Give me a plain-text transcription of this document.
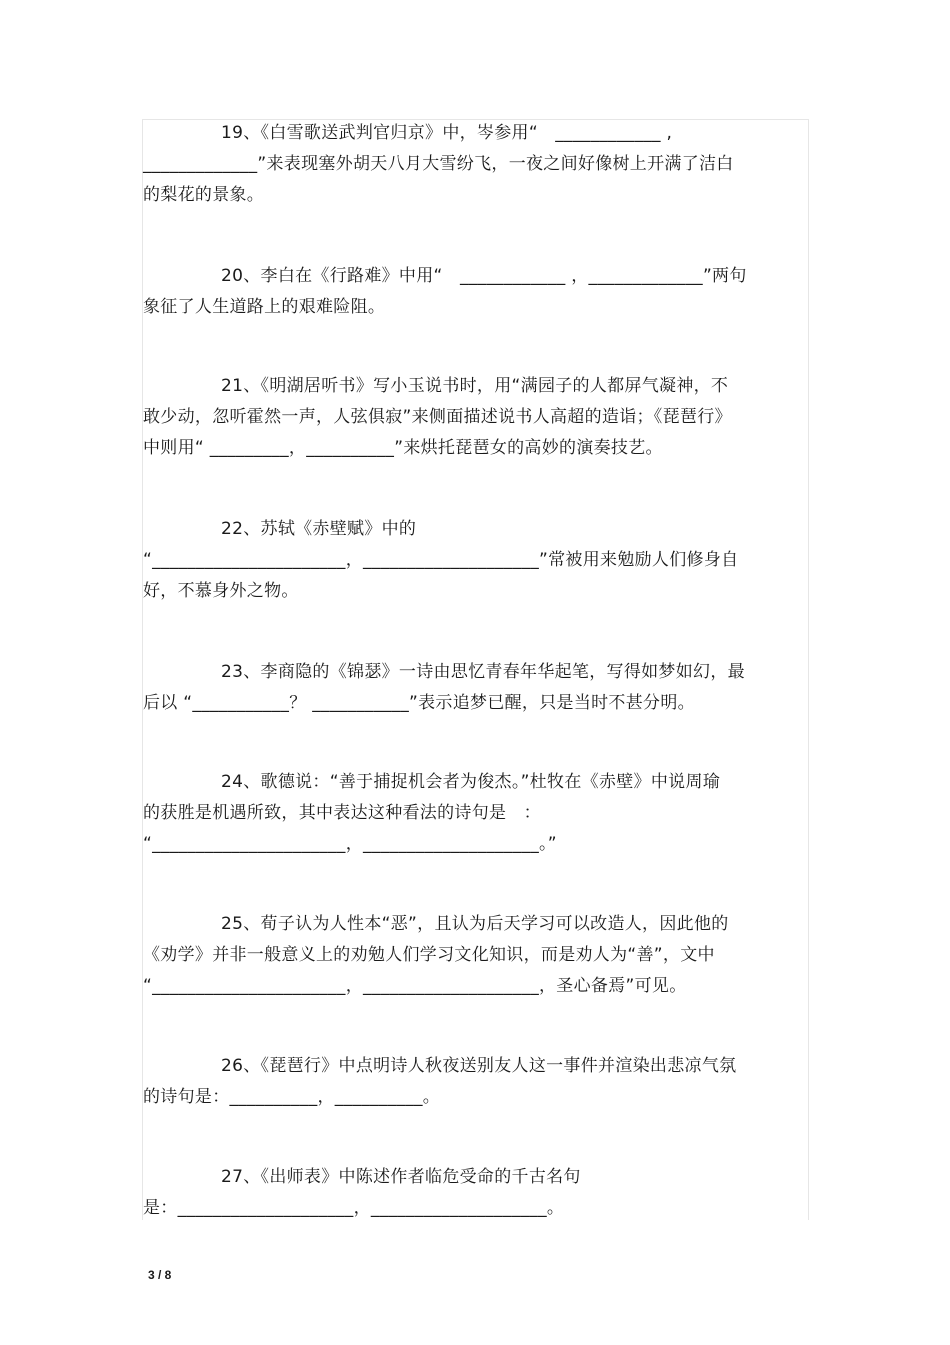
19、《白雪歌送武判官归京》中，岑参用“　____________ ,

_____________”来表现塞外胡天八月大雪纷飞，一夜之间好像树上开满了洁白

的梨花的景象。

20、李白在《行路难》中用“　____________ ，_____________”两句

象征了人生道路上的艰难险阻。

21、《明湖居听书》写小玉说书时，用“满园子的人都屏气凝神，不

敢少动，忽听霍然一声，人弦俱寂”来侧面描述说书人高超的造诣；《琵琶行》

中则用“ _________，__________”来烘托琵琶女的高妙的演奏技艺。

22、苏轼《赤壁赋》中的

“______________________，____________________”常被用来勉励人们修身自

好，不慕身外之物。

23、李商隐的《锦瑟》一诗由思忆青春年华起笔，写得如梦如幻，最

后以 “___________？ ___________”表示追梦已醒，只是当时不甚分明。

24、歌德说：“善于捕捉机会者为俊杰。”杜牧在《赤壁》中说周瑜

的获胜是机遇所致，其中表达这种看法的诗句是　：

“______________________，____________________。”

25、荀子认为人性本“恶”，且认为后天学习可以改造人，因此他的

《劝学》并非一般意义上的劝勉人们学习文化知识，而是劝人为“善”，文中

“______________________，____________________，圣心备焉”可见。

26、《琵琶行》中点明诗人秋夜送别友人这一事件并渲染出悲凉气氛

的诗句是：__________，__________。

27、《出师表》中陈述作者临危受命的千古名句

是：____________________，____________________。

3 / 8
